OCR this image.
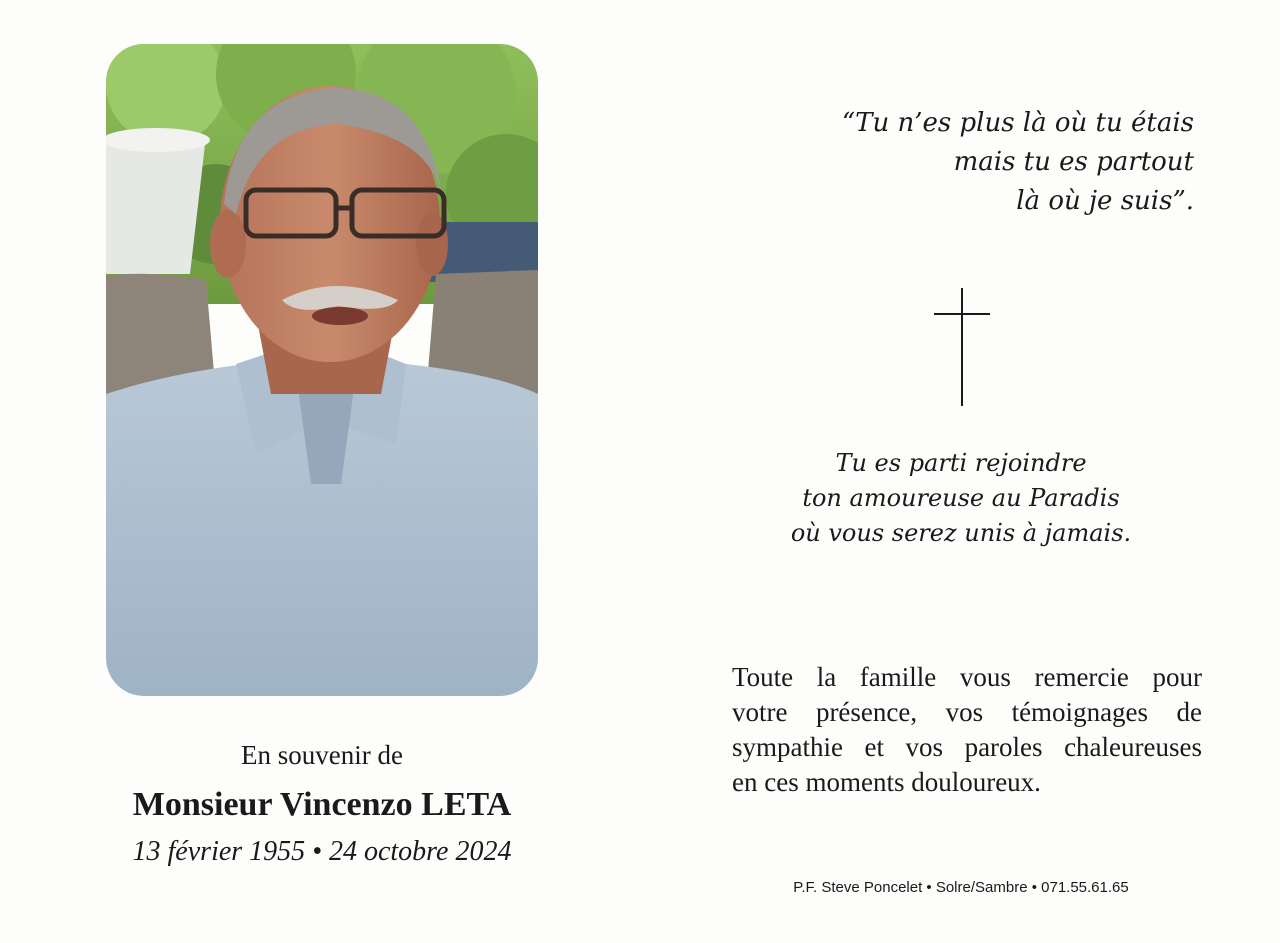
En souvenir de

Monsieur Vincenzo LETA

13 février 1955 • 24 octobre 2024

“Tu n’es plus là où tu étais
mais tu es partout
là où je suis”.

Tu es parti rejoindre
ton amoureuse au Paradis
où vous serez unis à jamais.

Toute la famille vous remercie pour
votre présence, vos témoignages de
sympathie et vos paroles chaleureuses
en ces moments douloureux.

P.F. Steve Poncelet • Solre/Sambre • 071.55.61.65
